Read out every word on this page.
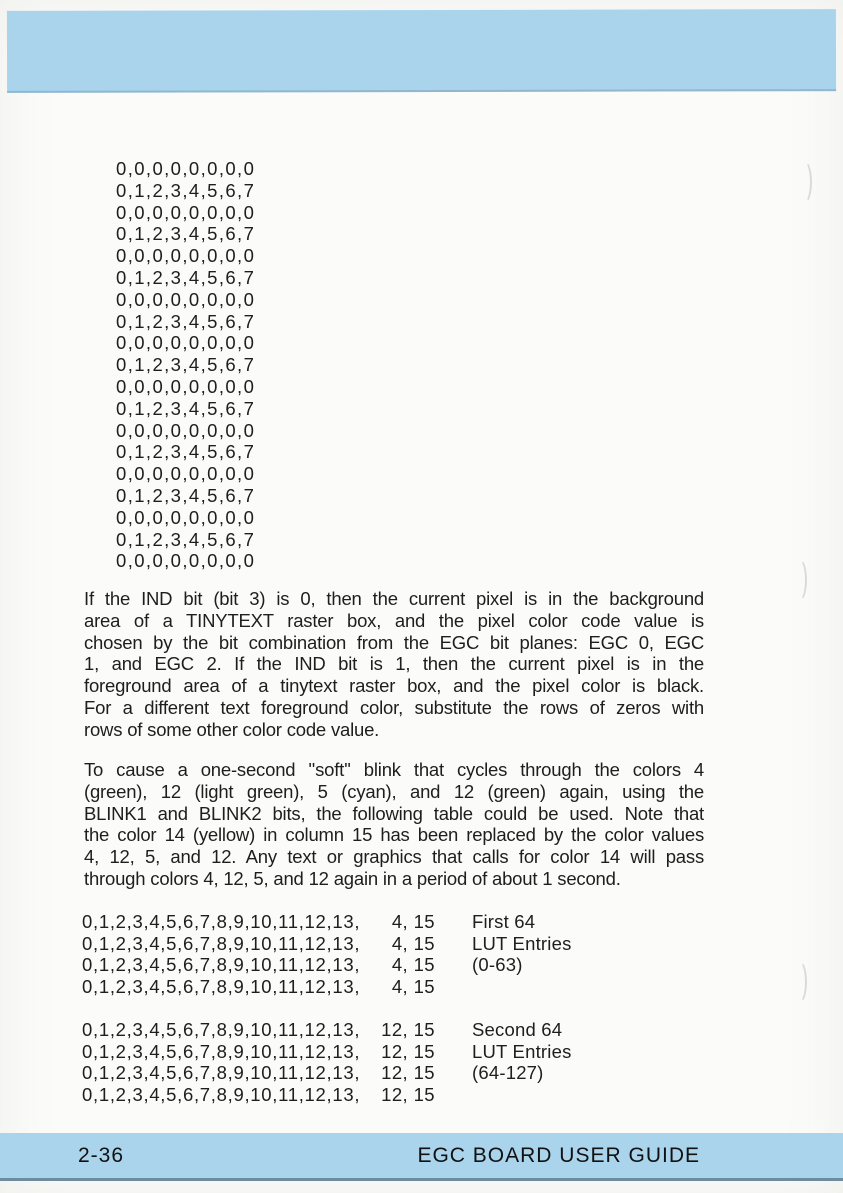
0,0,0,0,0,0,0,0
0,1,2,3,4,5,6,7
0,0,0,0,0,0,0,0
0,1,2,3,4,5,6,7
0,0,0,0,0,0,0,0
0,1,2,3,4,5,6,7
0,0,0,0,0,0,0,0
0,1,2,3,4,5,6,7
0,0,0,0,0,0,0,0
0,1,2,3,4,5,6,7
0,0,0,0,0,0,0,0
0,1,2,3,4,5,6,7
0,0,0,0,0,0,0,0
0,1,2,3,4,5,6,7
0,0,0,0,0,0,0,0
0,1,2,3,4,5,6,7
0,0,0,0,0,0,0,0
0,1,2,3,4,5,6,7
0,0,0,0,0,0,0,0
If the IND bit (bit 3) is 0, then the current pixel is in the background
area of a TINYTEXT raster box, and the pixel color code value is
chosen by the bit combination from the EGC bit planes: EGC 0, EGC
1, and EGC 2. If the IND bit is 1, then the current pixel is in the
foreground area of a tinytext raster box, and the pixel color is black.
For a different text foreground color, substitute the rows of zeros with
rows of some other color code value.
To cause a one-second ''soft'' blink that cycles through the colors 4
(green), 12 (light green), 5 (cyan), and 12 (green) again, using the
BLINK1 and BLINK2 bits, the following table could be used. Note that
the color 14 (yellow) in column 15 has been replaced by the color values
4, 12, 5, and 12. Any text or graphics that calls for color 14 will pass
through colors 4, 12, 5, and 12 again in a period of about 1 second.
0,1,2,3,4,5,6,7,8,9,10,11,12,13,	4, 15	First 64
0,1,2,3,4,5,6,7,8,9,10,11,12,13,	4, 15	LUT Entries
0,1,2,3,4,5,6,7,8,9,10,11,12,13,	4, 15	(0-63)
0,1,2,3,4,5,6,7,8,9,10,11,12,13,	4, 15
0,1,2,3,4,5,6,7,8,9,10,11,12,13,	12, 15	Second 64
0,1,2,3,4,5,6,7,8,9,10,11,12,13,	12, 15	LUT Entries
0,1,2,3,4,5,6,7,8,9,10,11,12,13,	12, 15	(64-127)
0,1,2,3,4,5,6,7,8,9,10,11,12,13,	12, 15
2-36	EGC BOARD USER GUIDE
